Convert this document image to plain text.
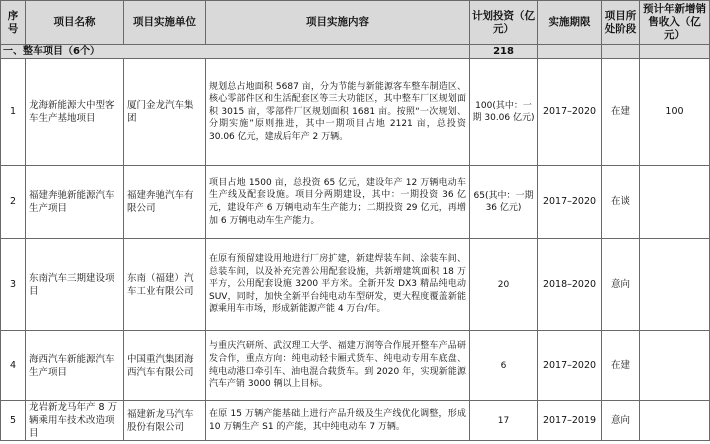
序号	项目名称	项目实施单位	项目实施内容	计划投资（亿元）	实施期限	项目所处阶段	预计年新增销售收入（亿元）
一、整车项目（6个）				218			
1	龙海新能源大中型客车生产基地项目	厦门金龙汽车集团	规划总占地面积 5687 亩，分为节能与新能源客车整车制造区、核心零部件区和生活配套区等三大功能区，其中整车厂区规划面积 3015 亩，零部件厂区规划面积 1681 亩。按照“一次规划、分期实施”原则推进，其中一期项目占地 2121 亩，总投资 30.06 亿元，建成后年产 2 万辆。	100(其中：一期 30.06 亿元)	2017–2020	在建	100
2	福建奔驰新能源汽车生产项目	福建奔驰汽车有限公司	项目占地 1500 亩，总投资 65 亿元，建设年产 12 万辆电动车生产线及配套设施。项目分两期建设，其中：一期投资 36 亿元，建设年产 6 万辆电动车生产能力；二期投资 29 亿元，再增加 6 万辆电动车生产能力。	65(其中：一期 36 亿元)	2017–2020	在谈	
3	东南汽车三期建设项目	东南（福建）汽车工业有限公司	在原有预留建设用地进行厂房扩建，新建焊装车间、涂装车间、总装车间，以及补充完善公用配套设施，共新增建筑面积 18 万平方，公用配套设施 3200 平方米。全新开发 DX3 精品纯电动 SUV，同时，加快全新平台纯电动车型研发，更大程度覆盖新能源乘用车市场，形成新能源产能 4 万台/年。	20	2018–2020	意向	
4	海西汽车新能源汽车生产项目	中国重汽集团海西汽车有限公司	与重庆汽研所、武汉理工大学、福建万润等合作展开整车产品研发合作，重点方向：纯电动轻卡厢式货车、纯电动专用车底盘、纯电动港口牵引车、油电混合载货车。到 2020 年，实现新能源汽车产销 3000 辆以上目标。	6	2017–2020	在建	
5	龙岩新龙马年产 8 万辆乘用车技术改造项目	福建新龙马汽车股份有限公司	在原 15 万辆产能基础上进行产品升级及生产线优化调整，形成 10 万辆生产 S1 的产能，其中纯电动车 7 万辆。	17	2017–2019	意向	
